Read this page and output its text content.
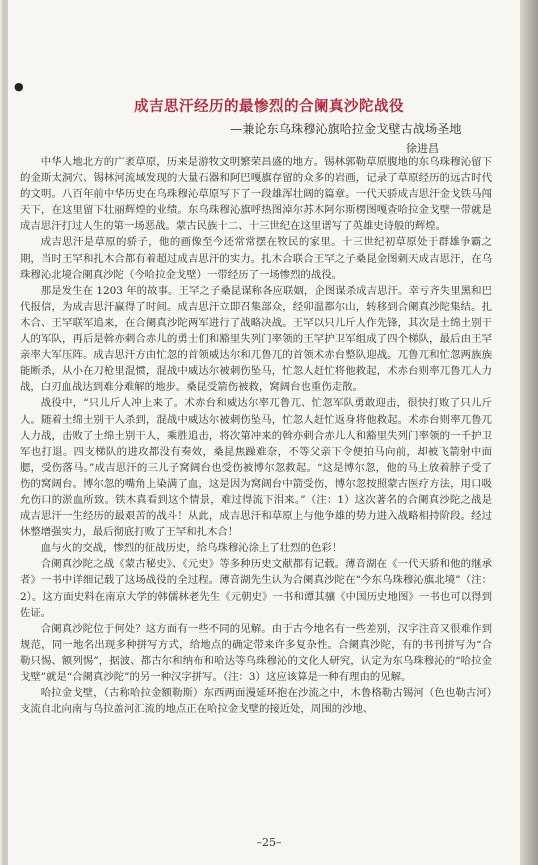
●
成吉思汗经历的最惨烈的合阑真沙陀战役
—兼论东乌珠穆沁旗哈拉金戈壁古战场圣地
徐进昌

中华人地北方的广袤草原，历来是游牧文明繁荣昌盛的地方。锡林郭勒草原腹地的东乌珠穆沁留下的金斯太洞穴、锡林河流域发现的大量石器和阿巴嘎旗存留的众多的岩画，记录了草原经历的远古时代的文明。八百年前中华历史在乌珠穆沁草原写下了一段雄浑壮阔的篇章。一代天骄成吉思汗金戈铁马闯天下，在这里留下壮丽辉煌的业绩。东乌珠穆沁旗呼热图淖尔苏木阿尔斯楞图嘎查哈拉金戈壁一带就是成吉思汗打过人生的第一场恶战。蒙古民族十二、十三世纪在这里谱写了英雄史诗般的辉煌。

成吉思汗是草原的骄子，他的画像至今还常常摆在牧民的家里。十三世纪初草原处于群雄争霸之期，当时王罕和扎木合都有着超过成吉思汗的实力。扎木合联合王罕之子桑昆金图刺天成吉思汗，在乌珠穆沁北境合阑真沙陀（今哈拉金戈壁）一带经历了一场惨烈的战役。

那是发生在 1203 年的故事。王罕之子桑昆谋称各应联姻，企图谋杀成吉思汗。幸亏齐失里黑和巴代报信，为成吉思汗赢得了时间。成吉思汗立即召集部众，经卯温都尔山，转移到合阑真沙陀集结。扎木合、王罕联军追来，在合阑真沙陀两军进行了战略决战。王罕以只儿斤人作先锋，其次是土绵土别干人的军队，再后是斡亦剌合赤儿的勇士们和豁里失列门率领的王罕护卫军组成了四个梯队，最后由王罕亲率大军压阵。成吉思汗方由忙忽的首领威达尔和兀鲁兀的首领术赤台整队迎战。兀鲁兀和忙忽两族族能断杀，从小在刀枪里混惯，混战中威达尔被刺伤坠马，忙忽人赶忙将他救起，术赤台则率兀鲁兀人力战，白刃血战达到难分难解的地步。桑昆受箭伤被救，窝阔台也重伤走散。

战役中，“只儿斤人冲上来了。术赤台和威达尔率兀鲁兀、忙忽军队勇敢迎击，很快打败了只儿斤人。随着土绵土别干人杀到，混战中威达尔被刺伤坠马，忙忽人赶忙返身将他救起。术赤台则率兀鲁兀人力战，击败了土绵土别干人，乘胜追击，将次第冲来的斡亦剌合赤儿人和豁里失列门率领的一千护卫军也打退。四支梯队的进攻都没有奏效，桑昆焦躁难奈，不等父亲下令便拍马向前，却被飞箭射中面腮，受伤落马。”成吉思汗的三儿子窝阔台也受伤被博尔忽救起。“这是博尔忽，他的马上放着脖子受了伤的窝阔台。博尔忽的嘴角上染满了血，这是因为窝阔台中箭受伤，博尔忽按照蒙古医疗方法，用口吸允伤口的淤血所致。铁木真看到这个情景，难过得流下泪来。”（注：1）这次著名的合阑真沙陀之战是成吉思汗一生经历的最艰苦的战斗！从此，成吉思汗和草原上与他争雄的势力进入战略相持阶段。经过休整增强实力，最后彻底打败了王罕和扎木合！

血与火的交战，惨烈的征战历史，给乌珠穆沁涂上了壮烈的色彩！

合阑真沙陀之战《蒙古秘史》、《元史》等多种历史文献都有记载。薄音湖在《一代天骄和他的继承者》一书中详细记载了这场战役的全过程。薄音湖先生认为合阑真沙陀在“今东乌珠穆沁旗北境”（注：2）。这方面史料在南京大学的韩儒林老先生《元朝史》一书和谭其骧《中国历史地图》一书也可以得到佐证。

合阑真沙陀位于何处？这方面有一些不同的见解。由于古今地名有一些差别，汉字注音又很难作到规范，同一地名出现多种拼写方式，给地点的确定带来许多复杂性。合阑真沙陀，有的书刊拼写为“合勒只惕、额列惕”，据波、都古尔和纳布和哈达等乌珠穆沁的文化人研究，认定为东乌珠穆沁的“哈拉金戈壁”就是“合阑真沙陀”的另一种汉字拼写。（注：3）这应该算是一种有理由的见解。

哈拉金戈壁，（古称哈拉金额勒斯）东西两面漫延环抱在沙流之中，木鲁格勒古锡河（色也勒古河）支流自北向南与乌拉盖河汇流的地点正在哈拉金戈壁的接近处，周围的沙地、

–25–
